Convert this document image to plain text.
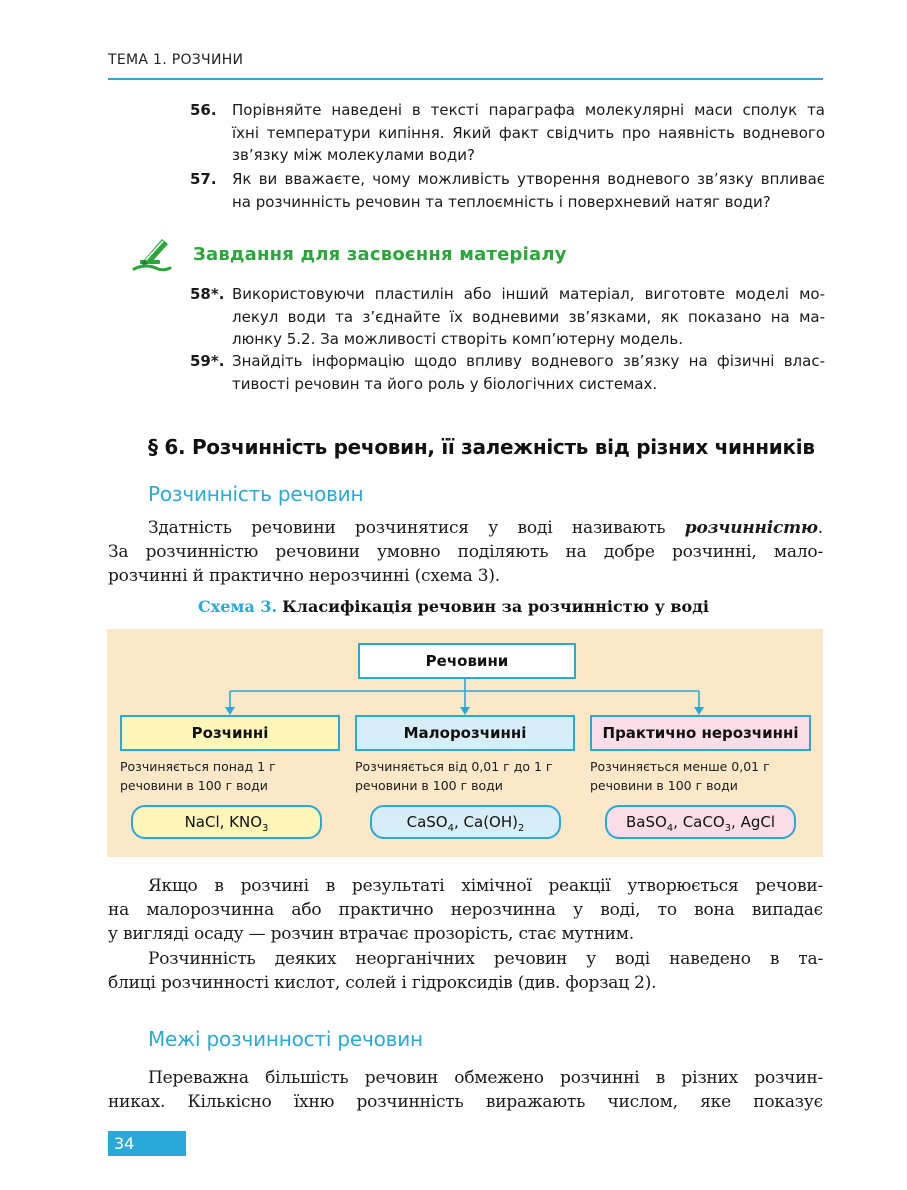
ТЕМА 1. РОЗЧИНИ
56. Порівняйте наведені в тексті параграфа молекулярні маси сполук та
їхні температури кипіння. Який факт свідчить про наявність водневого
зв’язку між молекулами води?
57. Як ви вважаєте, чому можливість утворення водневого зв’язку впливає
на розчинність речовин та теплоємність і поверхневий натяг води?
Завдання для засвоєння матеріалу
58*. Використовуючи пластилін або інший матеріал, виготовте моделі мо-
лекул води та з’єднайте їх водневими зв’язками, як показано на ма-
люнку 5.2. За можливості створіть комп’ютерну модель.
59*. Знайдіть інформацію щодо впливу водневого зв’язку на фізичні влас-
тивості речовин та його роль у біологічних системах.
§ 6. Розчинність речовин, її залежність від різних чинників
Розчинність речовин
Здатність речовини розчинятися у воді називають розчинністю.
За розчинністю речовини умовно поділяють на добре розчинні, мало-
розчинні й практично нерозчинні (схема 3).
Схема 3. Класифікація речовин за розчинністю у воді
Речовини
Розчинні	Малорозчинні	Практично нерозчинні
Розчиняється понад 1 г
речовини в 100 г води
Розчиняється від 0,01 г до 1 г
речовини в 100 г води
Розчиняється менше 0,01 г
речовини в 100 г води
NaCl, $KNO_3$	CaSO$_4$, $Ca(OH)_2$	BaSO$_4$, CaCO$_3$, AgCl
Якщо в розчині в результаті хімічної реакції утворюється речови-
на малорозчинна або практично нерозчинна у воді, то вона випадає
у вигляді осаду — розчин втрачає прозорість, стає мутним.
Розчинність деяких неорганічних речовин у воді наведено в та-
блиці розчинності кислот, солей і гідроксидів (див. форзац 2).
Межі розчинності речовин
Переважна більшість речовин обмежено розчинні в різних розчин-
никах. Кількісно їхню розчинність виражають числом, яке показує
34
